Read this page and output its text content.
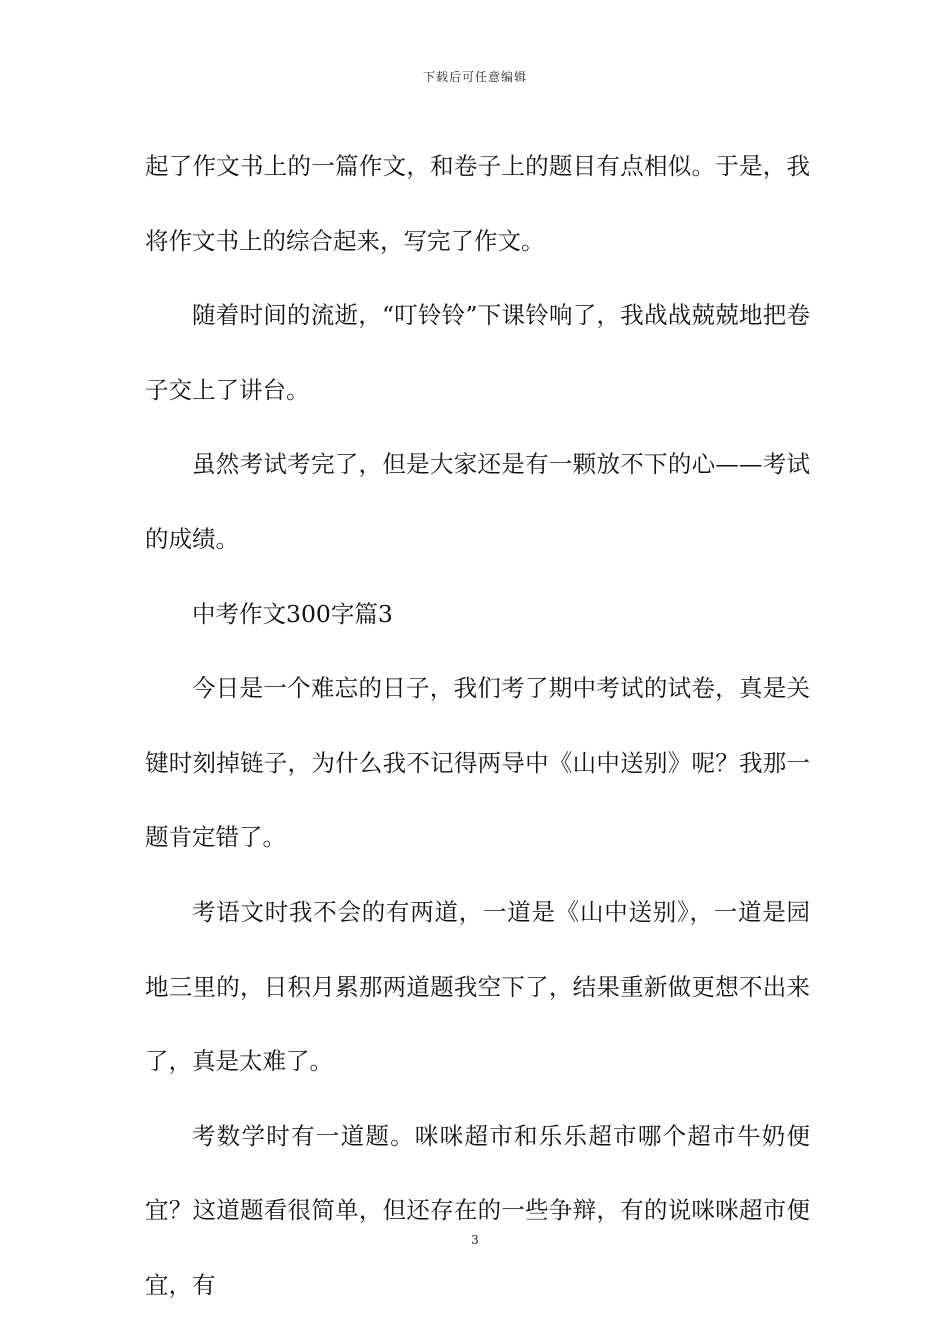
下载后可任意编辑

起了作文书上的一篇作文，和卷子上的题目有点相似。于是，我将作文书上的综合起来，写完了作文。

随着时间的流逝，“叮铃铃”下课铃响了，我战战兢兢地把卷子交上了讲台。

虽然考试考完了，但是大家还是有一颗放不下的心——考试的成绩。

中考作文300字篇3

今日是一个难忘的日子，我们考了期中考试的试卷，真是关键时刻掉链子，为什么我不记得两导中《山中送别》呢？我那一题肯定错了。

考语文时我不会的有两道，一道是《山中送别》，一道是园地三里的，日积月累那两道题我空下了，结果重新做更想不出来了，真是太难了。

考数学时有一道题。咪咪超市和乐乐超市哪个超市牛奶便宜？这道题看很简单，但还存在的一些争辩，有的说咪咪超市便宜，有

3
